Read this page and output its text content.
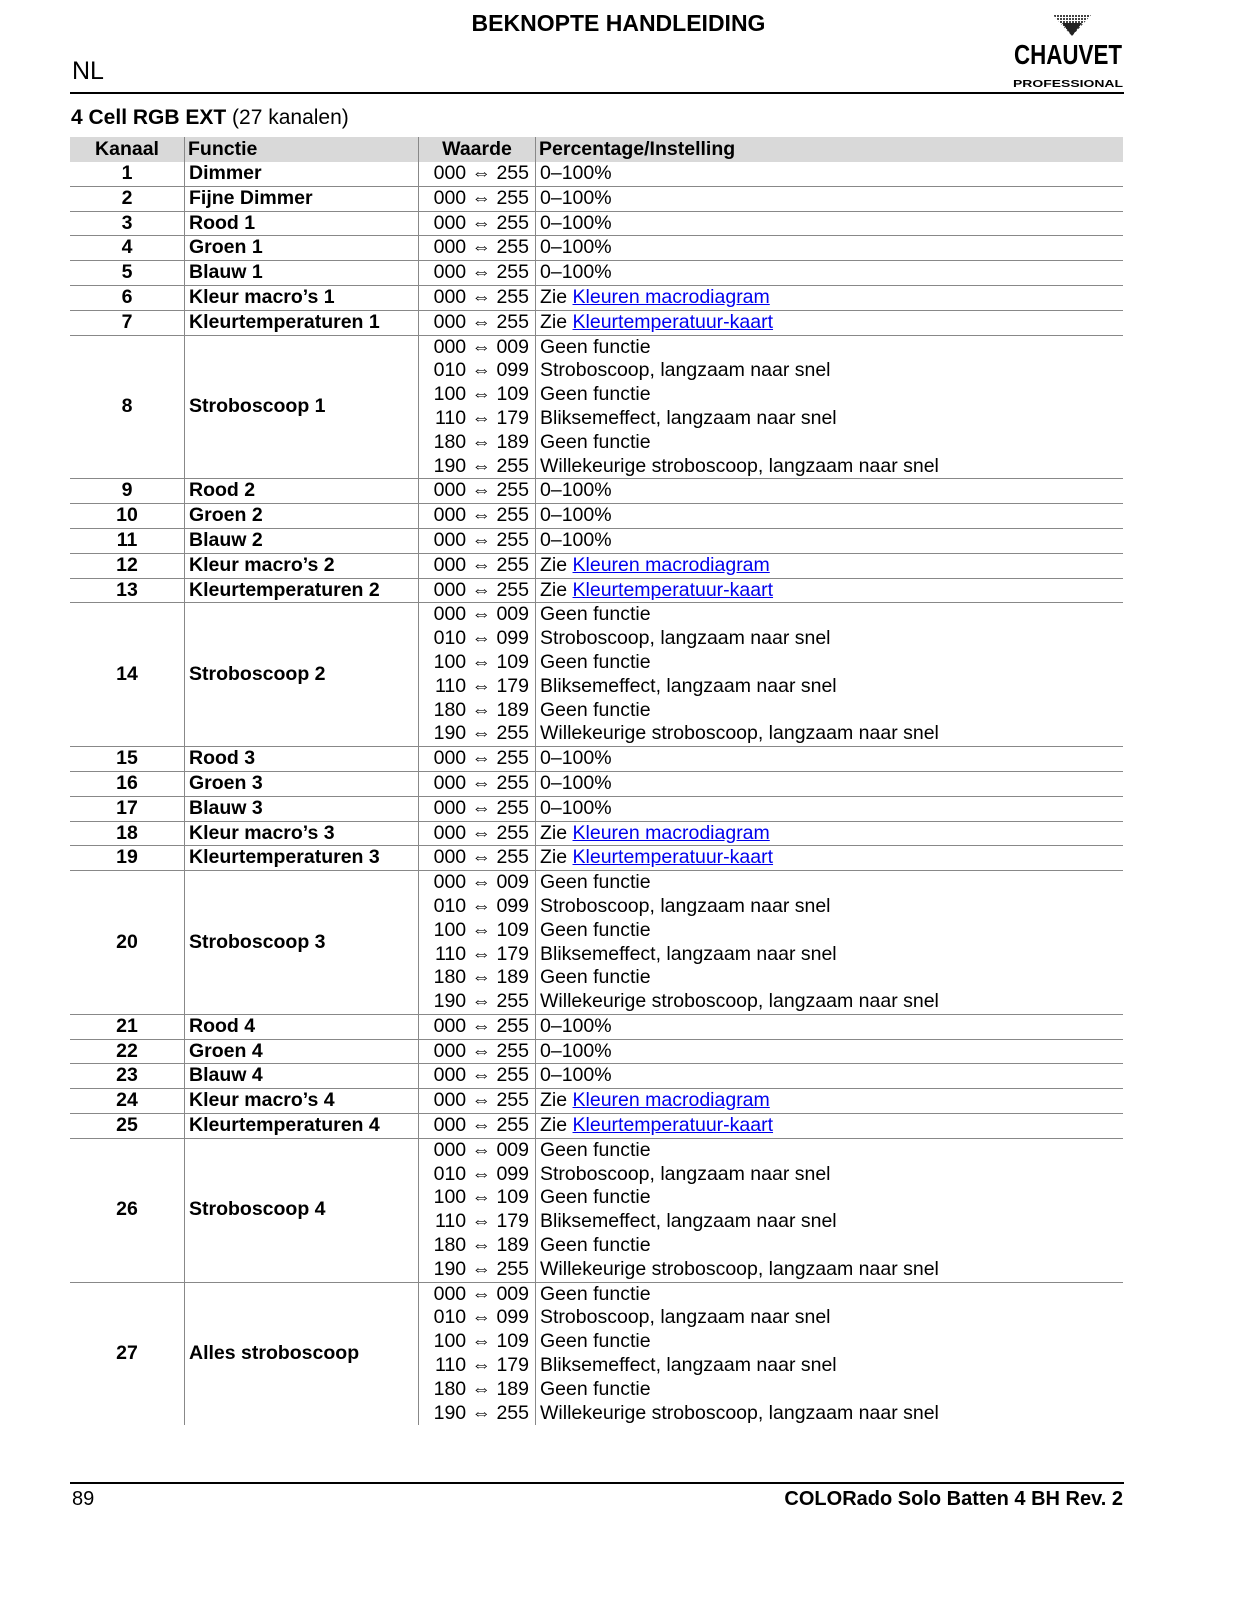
BEKNOPTE HANDLEIDING
NL
CHAUVET
PROFESSIONAL
4 Cell RGB EXT (27 kanalen)
Kanaal	Functie	Waarde	Percentage/Instelling
1	Dimmer	000 ⇔ 255	0–100%
2	Fijne Dimmer	000 ⇔ 255	0–100%
3	Rood 1	000 ⇔ 255	0–100%
4	Groen 1	000 ⇔ 255	0–100%
5	Blauw 1	000 ⇔ 255	0–100%
6	Kleur macro’s 1	000 ⇔ 255	Zie Kleuren macrodiagram
7	Kleurtemperaturen 1	000 ⇔ 255	Zie Kleurtemperatuur-kaart
8	Stroboscoop 1	000 ⇔ 009	Geen functie
		010 ⇔ 099	Stroboscoop, langzaam naar snel
		100 ⇔ 109	Geen functie
		110 ⇔ 179	Bliksemeffect, langzaam naar snel
		180 ⇔ 189	Geen functie
		190 ⇔ 255	Willekeurige stroboscoop, langzaam naar snel
9	Rood 2	000 ⇔ 255	0–100%
10	Groen 2	000 ⇔ 255	0–100%
11	Blauw 2	000 ⇔ 255	0–100%
12	Kleur macro’s 2	000 ⇔ 255	Zie Kleuren macrodiagram
13	Kleurtemperaturen 2	000 ⇔ 255	Zie Kleurtemperatuur-kaart
14	Stroboscoop 2	000 ⇔ 009	Geen functie
		010 ⇔ 099	Stroboscoop, langzaam naar snel
		100 ⇔ 109	Geen functie
		110 ⇔ 179	Bliksemeffect, langzaam naar snel
		180 ⇔ 189	Geen functie
		190 ⇔ 255	Willekeurige stroboscoop, langzaam naar snel
15	Rood 3	000 ⇔ 255	0–100%
16	Groen 3	000 ⇔ 255	0–100%
17	Blauw 3	000 ⇔ 255	0–100%
18	Kleur macro’s 3	000 ⇔ 255	Zie Kleuren macrodiagram
19	Kleurtemperaturen 3	000 ⇔ 255	Zie Kleurtemperatuur-kaart
20	Stroboscoop 3	000 ⇔ 009	Geen functie
		010 ⇔ 099	Stroboscoop, langzaam naar snel
		100 ⇔ 109	Geen functie
		110 ⇔ 179	Bliksemeffect, langzaam naar snel
		180 ⇔ 189	Geen functie
		190 ⇔ 255	Willekeurige stroboscoop, langzaam naar snel
21	Rood 4	000 ⇔ 255	0–100%
22	Groen 4	000 ⇔ 255	0–100%
23	Blauw 4	000 ⇔ 255	0–100%
24	Kleur macro’s 4	000 ⇔ 255	Zie Kleuren macrodiagram
25	Kleurtemperaturen 4	000 ⇔ 255	Zie Kleurtemperatuur-kaart
26	Stroboscoop 4	000 ⇔ 009	Geen functie
		010 ⇔ 099	Stroboscoop, langzaam naar snel
		100 ⇔ 109	Geen functie
		110 ⇔ 179	Bliksemeffect, langzaam naar snel
		180 ⇔ 189	Geen functie
		190 ⇔ 255	Willekeurige stroboscoop, langzaam naar snel
27	Alles stroboscoop	000 ⇔ 009	Geen functie
		010 ⇔ 099	Stroboscoop, langzaam naar snel
		100 ⇔ 109	Geen functie
		110 ⇔ 179	Bliksemeffect, langzaam naar snel
		180 ⇔ 189	Geen functie
		190 ⇔ 255	Willekeurige stroboscoop, langzaam naar snel
89	COLORado Solo Batten 4 BH Rev. 2
